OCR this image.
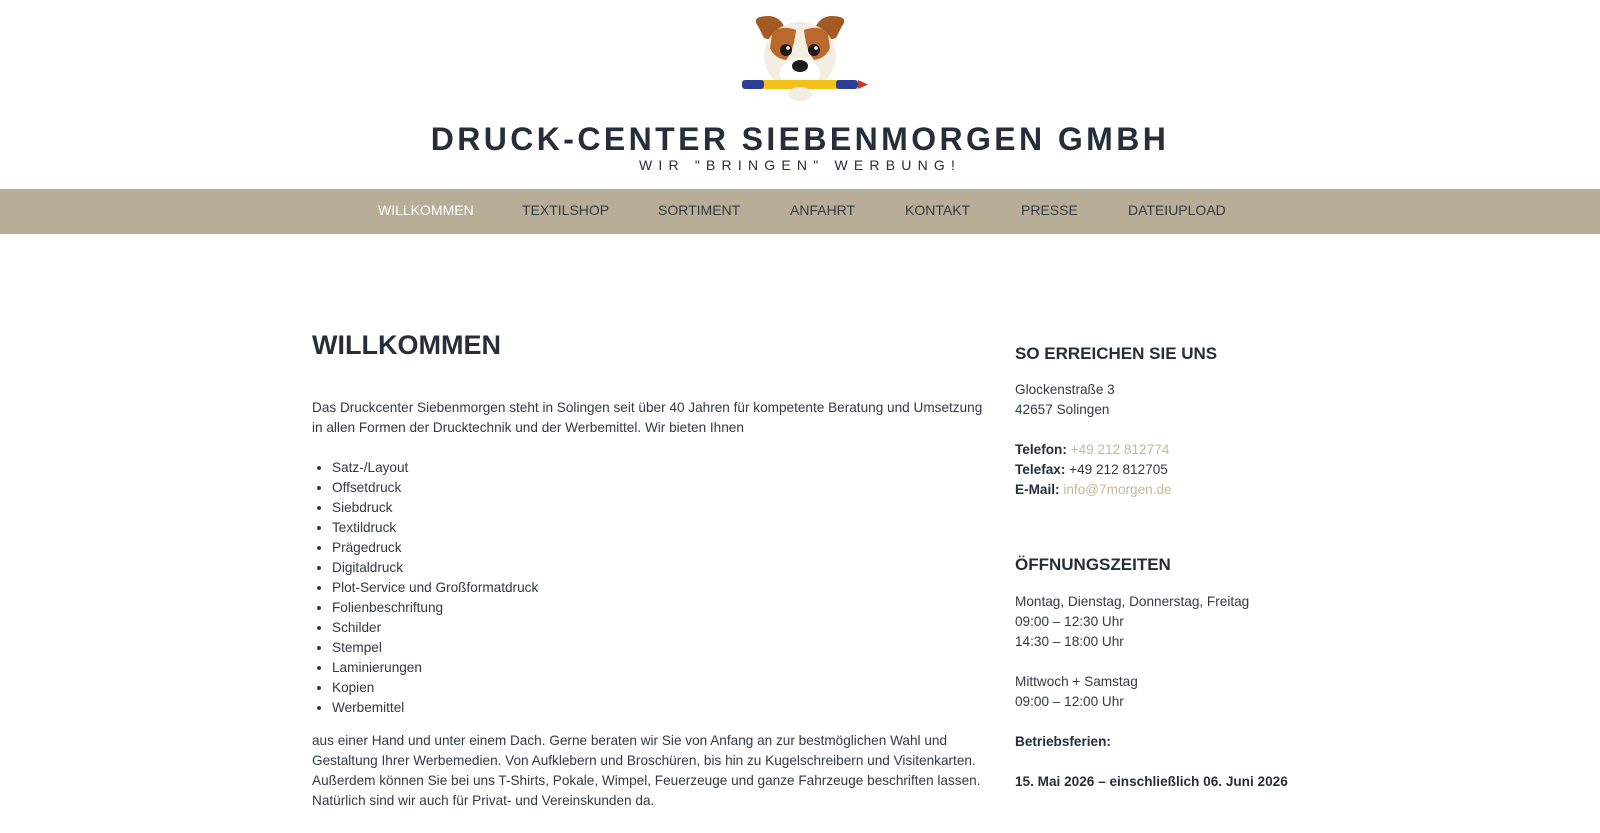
DRUCK-CENTER SIEBENMORGEN GMBH
WIR "BRINGEN" WERBUNG!
WILLKOMMEN	TEXTILSHOP	SORTIMENT	ANFAHRT	KONTAKT	PRESSE	DATEIUPLOAD
WILLKOMMEN

Das Druckcenter Siebenmorgen steht in Solingen seit über 40 Jahren für kompetente Beratung und Umsetzung
in allen Formen der Drucktechnik und der Werbemittel. Wir bieten Ihnen

• Satz-/Layout
• Offsetdruck
• Siebdruck
• Textildruck
• Prägedruck
• Digitaldruck
• Plot-Service und Großformatdruck
• Folienbeschriftung
• Schilder
• Stempel
• Laminierungen
• Kopien
• Werbemittel

aus einer Hand und unter einem Dach. Gerne beraten wir Sie von Anfang an zur bestmöglichen Wahl und
Gestaltung Ihrer Werbemedien. Von Aufklebern und Broschüren, bis hin zu Kugelschreibern und Visitenkarten.
Außerdem können Sie bei uns T-Shirts, Pokale, Wimpel, Feuerzeuge und ganze Fahrzeuge beschriften lassen.
Natürlich sind wir auch für Privat- und Vereinskunden da.

SO ERREICHEN SIE UNS
Glockenstraße 3
42657 Solingen
Telefon: +49 212 812774
Telefax: +49 212 812705
E-Mail: info@7morgen.de
ÖFFNUNGSZEITEN
Montag, Dienstag, Donnerstag, Freitag
09:00 – 12:30 Uhr
14:30 – 18:00 Uhr

Mittwoch + Samstag
09:00 – 12:00 Uhr

Betriebsferien:

15. Mai 2026 – einschließlich 06. Juni 2026
